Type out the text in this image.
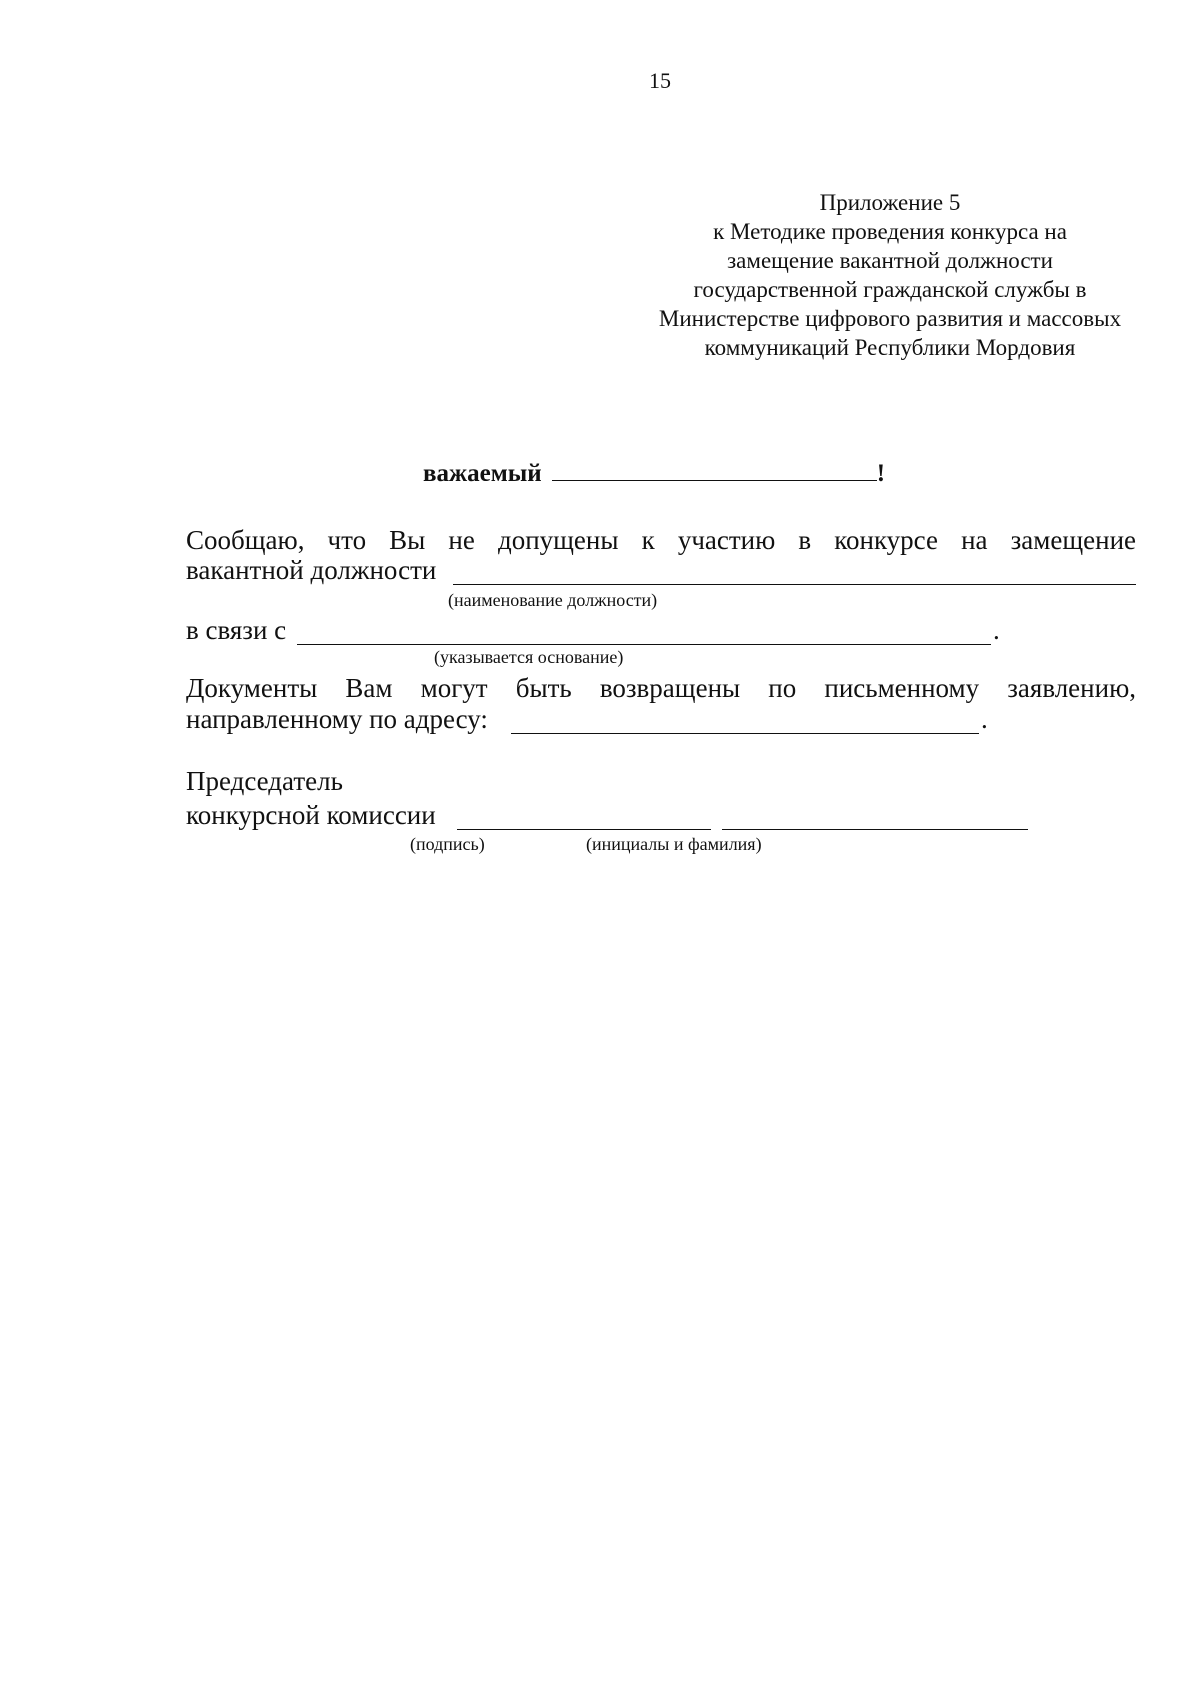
15
Приложение 5
к Методике проведения конкурса на
замещение вакантной должности
государственной гражданской службы в
Министерстве цифрового развития и массовых
коммуникаций Республики Мордовия
важаемый	!
Сообщаю, что Вы не допущены к участию в конкурсе на замещение
вакантной должности
(наименование должности)
в связи с	.
(указывается основание)
Документы Вам могут быть возвращены по письменному заявлению,
направленному по адресу:	.
Председатель
конкурсной комиссии
(подпись)	(инициалы и фамилия)
